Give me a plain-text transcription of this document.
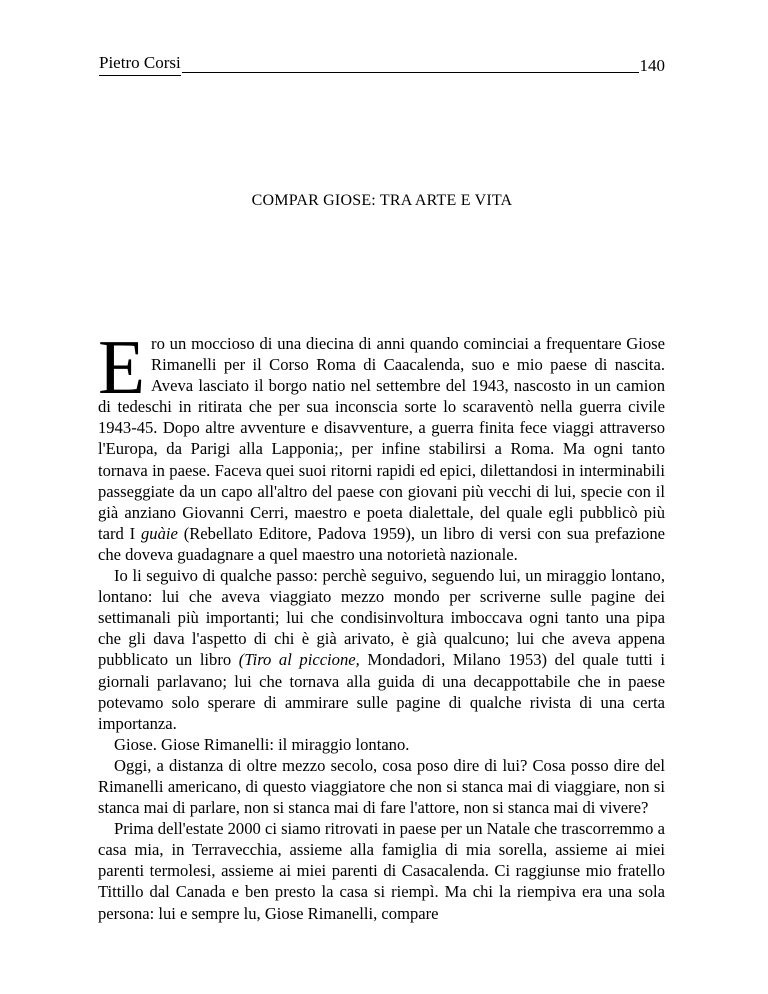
Pietro Corsi	140
COMPAR GIOSE: TRA ARTE E VITA

Ero un moccioso di una diecina di anni quando cominciai a frequentare Giose Rimanelli per il Corso Roma di Caacalenda, suo e mio paese di nascita. Aveva lasciato il borgo natio nel settembre del 1943, nascosto in un camion di tedeschi in ritirata che per sua inconscia sorte lo scaraventò nella guerra civile 1943-45. Dopo altre avventure e disavventure, a guerra finita fece viaggi attraverso l'Europa, da Parigi alla Lapponia;, per infine stabilirsi a Roma. Ma ogni tanto tornava in paese. Faceva quei suoi ritorni rapidi ed epici, dilettandosi in interminabili passeggiate da un capo all'altro del paese con giovani più vecchi di lui, specie con il già anziano Giovanni Cerri, maestro e poeta dialettale, del quale egli pubblicò più tard I guàie (Rebellato Editore, Padova 1959), un libro di versi con sua prefazione che doveva guadagnare a quel maestro una notorietà nazionale.

Io li seguivo di qualche passo: perchè seguivo, seguendo lui, un miraggio lontano, lontano: lui che aveva viaggiato mezzo mondo per scriverne sulle pagine dei settimanali più importanti; lui che condisinvoltura imboccava ogni tanto una pipa che gli dava l'aspetto di chi è già arivato, è già qualcuno; lui che aveva appena pubblicato un libro (Tiro al piccione, Mondadori, Milano 1953) del quale tutti i giornali parlavano; lui che tornava alla guida di una decappottabile che in paese potevamo solo sperare di ammirare sulle pagine di qualche rivista di una certa importanza.

Giose. Giose Rimanelli: il miraggio lontano.

Oggi, a distanza di oltre mezzo secolo, cosa poso dire di lui? Cosa posso dire del Rimanelli americano, di questo viaggiatore che non si stanca mai di viaggiare, non si stanca mai di parlare, non si stanca mai di fare l'attore, non si stanca mai di vivere?

Prima dell'estate 2000 ci siamo ritrovati in paese per un Natale che trascorremmo a casa mia, in Terravecchia, assieme alla famiglia di mia sorella, assieme ai miei parenti termolesi, assieme ai miei parenti di Casacalenda. Ci raggiunse mio fratello Tittillo dal Canada e ben presto la casa si riempì. Ma chi la riempiva era una sola persona: lui e sempre lu, Giose Rimanelli, compare
